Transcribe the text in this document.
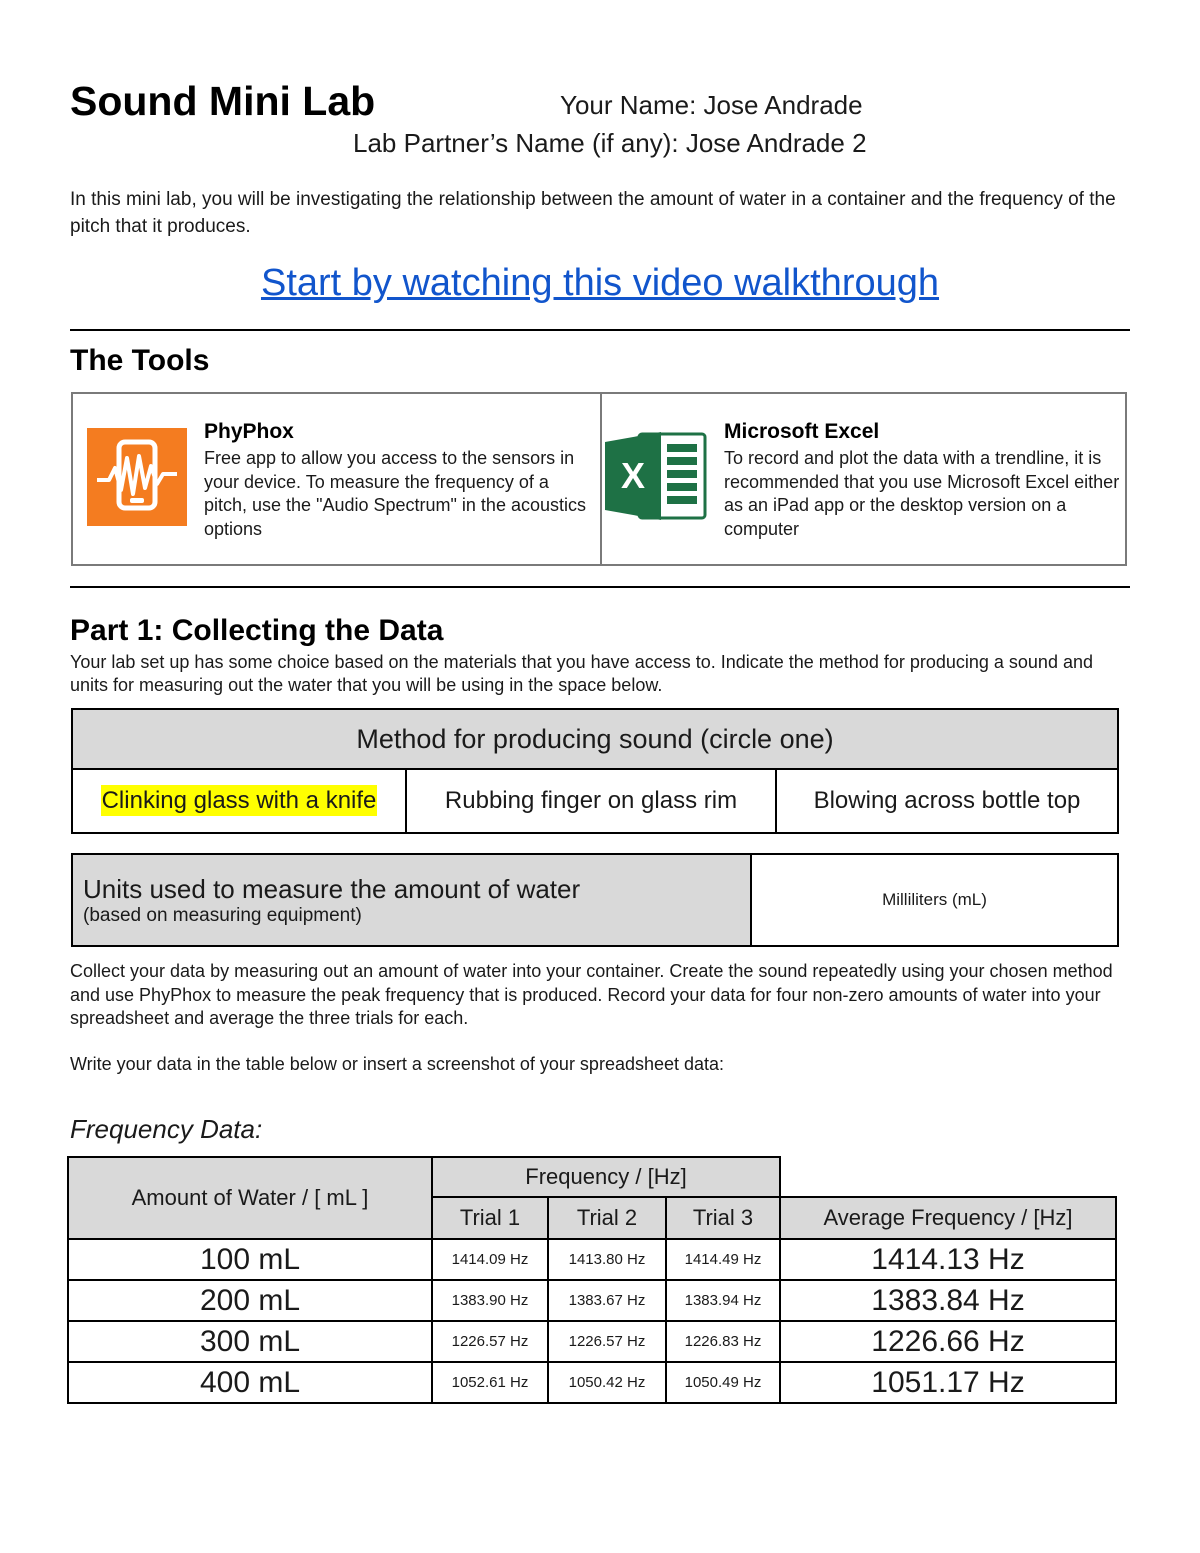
Sound Mini Lab	Your Name: Jose Andrade
Lab Partner’s Name (if any): Jose Andrade 2
In this mini lab, you will be investigating the relationship between the amount of water in a container and the frequency of the pitch that it produces.
Start by watching this video walkthrough
The Tools
PhyPhox
Free app to allow you access to the sensors in your device. To measure the frequency of a pitch, use the "Audio Spectrum" in the acoustics options
X
Microsoft Excel
To record and plot the data with a trendline, it is recommended that you use Microsoft Excel either as an iPad app or the desktop version on a computer
Part 1: Collecting the Data
Your lab set up has some choice based on the materials that you have access to. Indicate the method for producing a sound and units for measuring out the water that you will be using in the space below.
Method for producing sound (circle one)
Clinking glass with a knife	Rubbing finger on glass rim	Blowing across bottle top
Units used to measure the amount of water
(based on measuring equipment)
	Milliliters (mL)
Collect your data by measuring out an amount of water into your container. Create the sound repeatedly using your chosen method and use PhyPhox to measure the peak frequency that is produced. Record your data for four non-zero amounts of water into your spreadsheet and average the three trials for each.
Write your data in the table below or insert a screenshot of your spreadsheet data:
Frequency Data:
Amount of Water / [ mL ]	Frequency / [Hz]			
	Trial 1	Trial 2	Trial 3	Average Frequency / [Hz]
100 mL	1414.09 Hz	1413.80 Hz	1414.49 Hz	1414.13 Hz
200 mL	1383.90 Hz	1383.67 Hz	1383.94 Hz	1383.84 Hz
300 mL	1226.57 Hz	1226.57 Hz	1226.83 Hz	1226.66 Hz
400 mL	1052.61 Hz	1050.42 Hz	1050.49 Hz	1051.17 Hz
